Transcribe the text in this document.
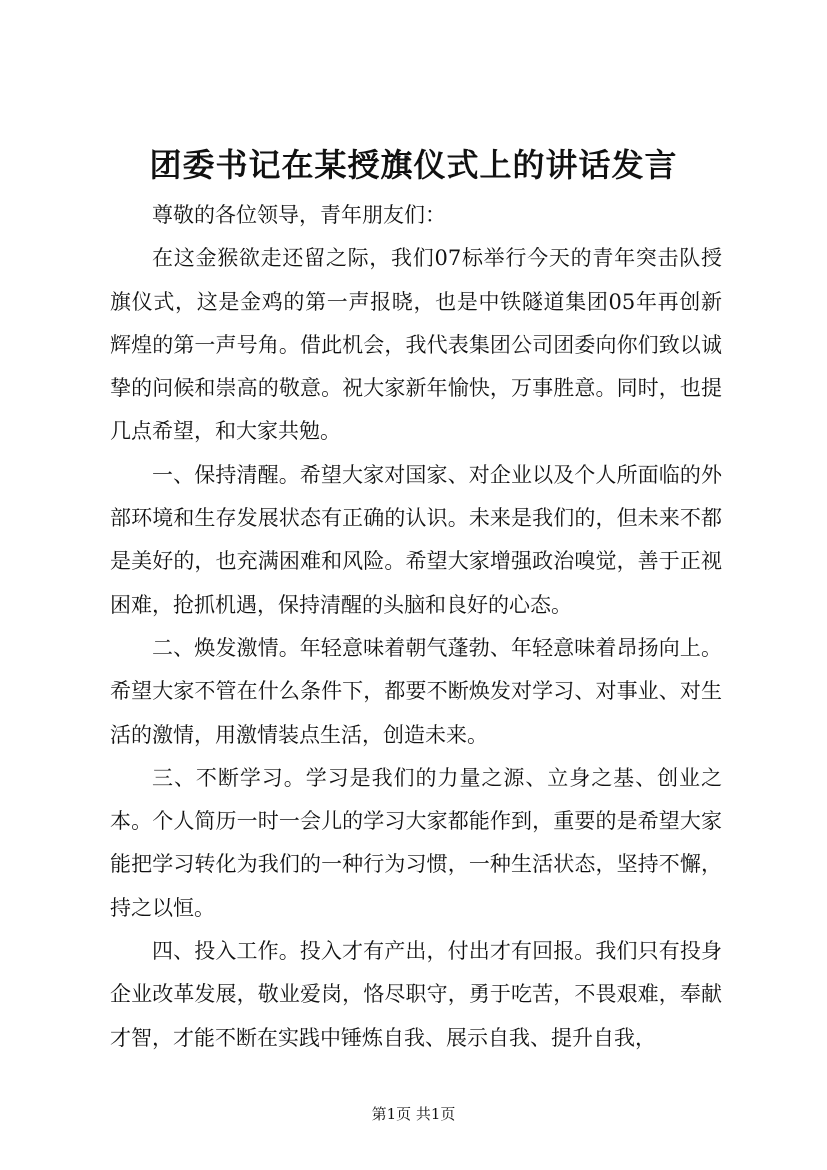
团委书记在某授旗仪式上的讲话发言

尊敬的各位领导，青年朋友们：

在这金猴欲走还留之际，我们07标举行今天的青年突击队授旗仪式，这是金鸡的第一声报晓，也是中铁隧道集团05年再创新辉煌的第一声号角。借此机会，我代表集团公司团委向你们致以诚挚的问候和崇高的敬意。祝大家新年愉快，万事胜意。同时，也提几点希望，和大家共勉。

一、保持清醒。希望大家对国家、对企业以及个人所面临的外部环境和生存发展状态有正确的认识。未来是我们的，但未来不都是美好的，也充满困难和风险。希望大家增强政治嗅觉，善于正视困难，抢抓机遇，保持清醒的头脑和良好的心态。

二、焕发激情。年轻意味着朝气蓬勃、年轻意味着昂扬向上。希望大家不管在什么条件下，都要不断焕发对学习、对事业、对生活的激情，用激情装点生活，创造未来。

三、不断学习。学习是我们的力量之源、立身之基、创业之本。个人简历一时一会儿的学习大家都能作到，重要的是希望大家能把学习转化为我们的一种行为习惯，一种生活状态，坚持不懈，持之以恒。

四、投入工作。投入才有产出，付出才有回报。我们只有投身企业改革发展，敬业爱岗，恪尽职守，勇于吃苦，不畏艰难，奉献才智，才能不断在实践中锤炼自我、展示自我、提升自我，

第1页 共1页
